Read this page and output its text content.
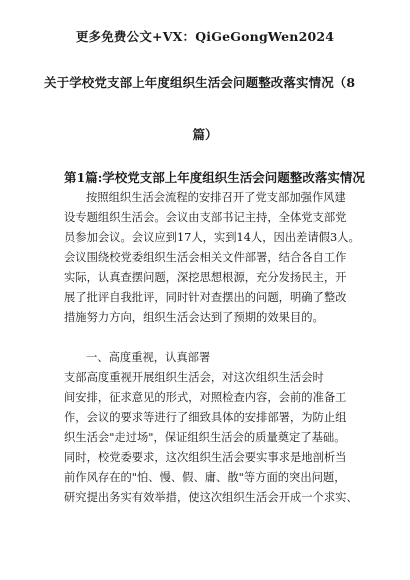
更多免费公文+VX：QiGeGongWen2024
关于学校党支部上年度组织生活会问题整改落实情况（8
篇）
第1篇:学校党支部上年度组织生活会问题整改落实情况
按照组织生活会流程的安排召开了党支部加强作风建
设专题组织生活会。会议由支部书记主持，全体党支部党
员参加会议。会议应到17人，实到14人，因出差请假3人。
会议围绕校党委组织生活会相关文件部署，结合各自工作
实际，认真查摆问题，深挖思想根源，充分发扬民主，开
展了批评自我批评，同时针对查摆出的问题，明确了整改
措施努力方向，组织生活会达到了预期的效果目的。
一、高度重视，认真部署
支部高度重视开展组织生活会，对这次组织生活会时
间安排，征求意见的形式，对照检查内容，会前的准备工
作，会议的要求等进行了细致具体的安排部署，为防止组
织生活会"走过场"，保证组织生活会的质量奠定了基础。
同时，校党委要求，这次组织生活会要实事求是地剖析当
前作风存在的"怕、慢、假、庸、散"等方面的突出问题，
研究提出务实有效举措，使这次组织生活会开成一个求实、
